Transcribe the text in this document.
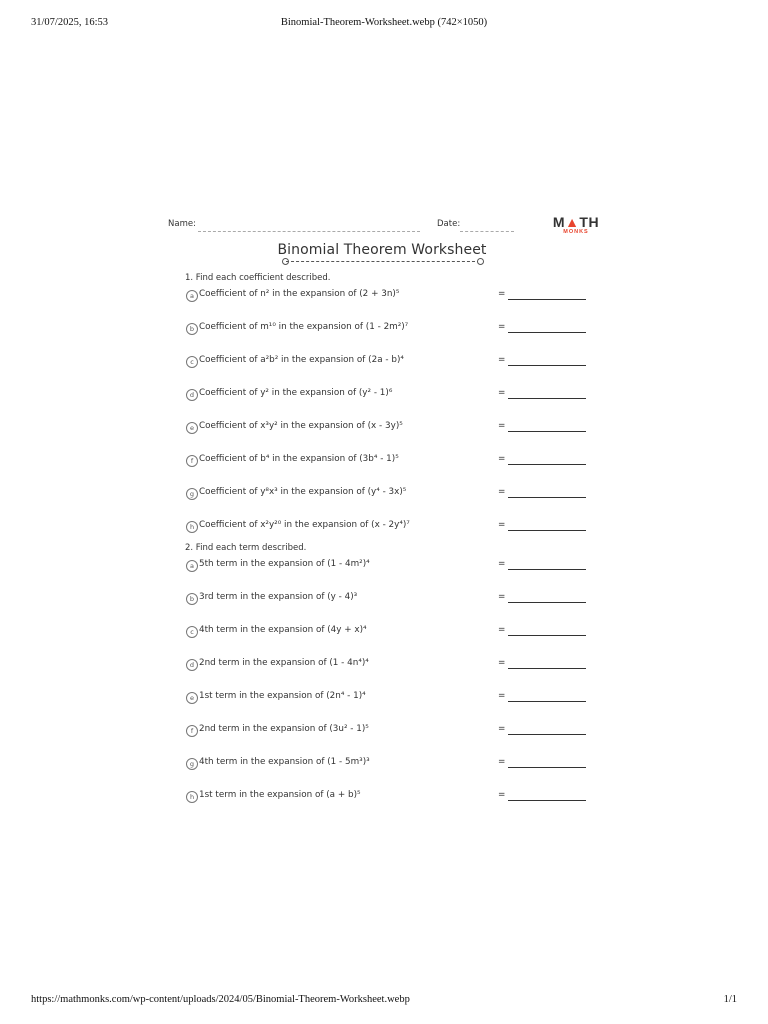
31/07/2025, 16:53	Binomial-Theorem-Worksheet.webp (742×1050)
Name:	Date:	M▲TH
MONKS
Binomial Theorem Worksheet
1. Find each coefficient described.
a Coefficient of n² in the expansion of (2 + 3n)⁵	=
b Coefficient of m¹⁰ in the expansion of (1 - 2m²)⁷	=
c Coefficient of a²b² in the expansion of (2a - b)⁴	=
d Coefficient of y² in the expansion of (y² - 1)⁶	=
e Coefficient of x³y² in the expansion of (x - 3y)⁵	=
f Coefficient of b⁴ in the expansion of (3b⁴ - 1)⁵	=
g Coefficient of y⁸x³ in the expansion of (y⁴ - 3x)⁵	=
h Coefficient of x²y²⁰ in the expansion of (x - 2y⁴)⁷	=
2. Find each term described.
a 5th term in the expansion of (1 - 4m²)⁴	=
b 3rd term in the expansion of (y - 4)³	=
c 4th term in the expansion of (4y + x)⁴	=
d 2nd term in the expansion of (1 - 4n⁴)⁴	=
e 1st term in the expansion of (2n⁴ - 1)⁴	=
f 2nd term in the expansion of (3u² - 1)⁵	=
g 4th term in the expansion of (1 - 5m³)³	=
h 1st term in the expansion of (a + b)⁵	=
https://mathmonks.com/wp-content/uploads/2024/05/Binomial-Theorem-Worksheet.webp	1/1
